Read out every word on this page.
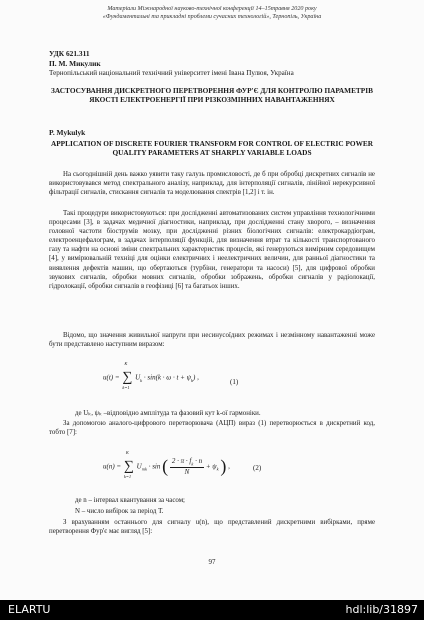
Матеріали Міжнародної науково-технічної конференції 14–15травня 2020 року
«Фундаментальні та прикладні проблеми сучасних технологій», Тернопіль, Україна
УДК 621.311
П. М. Микулик
Тернопільський національний технічний університет імені Івана Пулюя, Україна
ЗАСТОСУВАННЯ ДИСКРЕТНОГО ПЕРЕТВОРЕННЯ ФУР'Є ДЛЯ КОНТРОЛЮ ПАРАМЕТРІВ ЯКОСТІ ЕЛЕКТРОЕНЕРГІЇ ПРИ РІЗКОЗМІННИХ НАВАНТАЖЕННЯХ
P. Mykulyk
APPLICATION OF DISCRETE FOURIER TRANSFORM FOR CONTROL OF ELECTRIC POWER QUALITY PARAMETERS AT SHARPLY VARIABLE LOADS
На сьогоднішній день важко уявити таку галузь промисловості, де б при обробці дискретних сигналів не використовувався метод спектрального аналізу, наприклад, для інтерполяції сигналів, лінійної нерекурсивної фільтрації сигналів, стискання сигналів та моделювання спектрів [1,2] і т. ін.
Такі процедури використовуються: при дослідженні автоматизованих систем управління технологічними процесами [3], в задачах медичної діагностики, наприклад, при дослідженні стану хворого, – визначення головної частоти біострумів мозку, при дослідженні різних біологічних сигналів: електрокардіограм, електроенцефалограм, в задачах інтерполяції функцій, для визначення втрат та кількості транспортованого газу та нафти на основі зміни спектральних характеристик процесів, які генеруються вимірним середовищем [4], у вимірювальній техніці для оцінки електричних і неелектричних величин, для ранньої діагностики та виявлення дефектів машин, що обертаються (турбіни, генератори та насоси) [5], для цифрової обробки звукових сигналів, обробки мовних сигналів, обробки зображень, обробки сигналів у радіолокації, гідролокації, обробки сигналів в геофізиці [6] та багатьох інших.
Відомо, що значення живильної напруги при несинусоїдних режимах і незмінному навантаженні може бути представлено наступним виразом:
u(t) =
K
∑
k=1
$U_k \cdot \sin(k \cdot \omega \cdot t + \psi_k)$ ,
(1)
де Uₖ, ψₖ –відповідно амплітуда та фазовий кут k-ої гармоніки.
За допомогою аналого-цифрового перетворювача (АЦП) вираз (1) перетворюється в дискретний код, тобто [7]:
u(n) =
K
∑
k=1
$U_{mk} \cdot \sin$ ( $\frac{2 \cdot \pi \cdot f_k \cdot n}{N} + \psi_k$ ) ,	(2)
де n – інтервал квантування за часом;
N – число вибірок за період T.
З врахуванням останнього для сигналу u(n), що представлений дискретними вибірками, пряме перетворення Фур'є має вигляд [5]:
97
ELARTU	hdl:lib/31897
